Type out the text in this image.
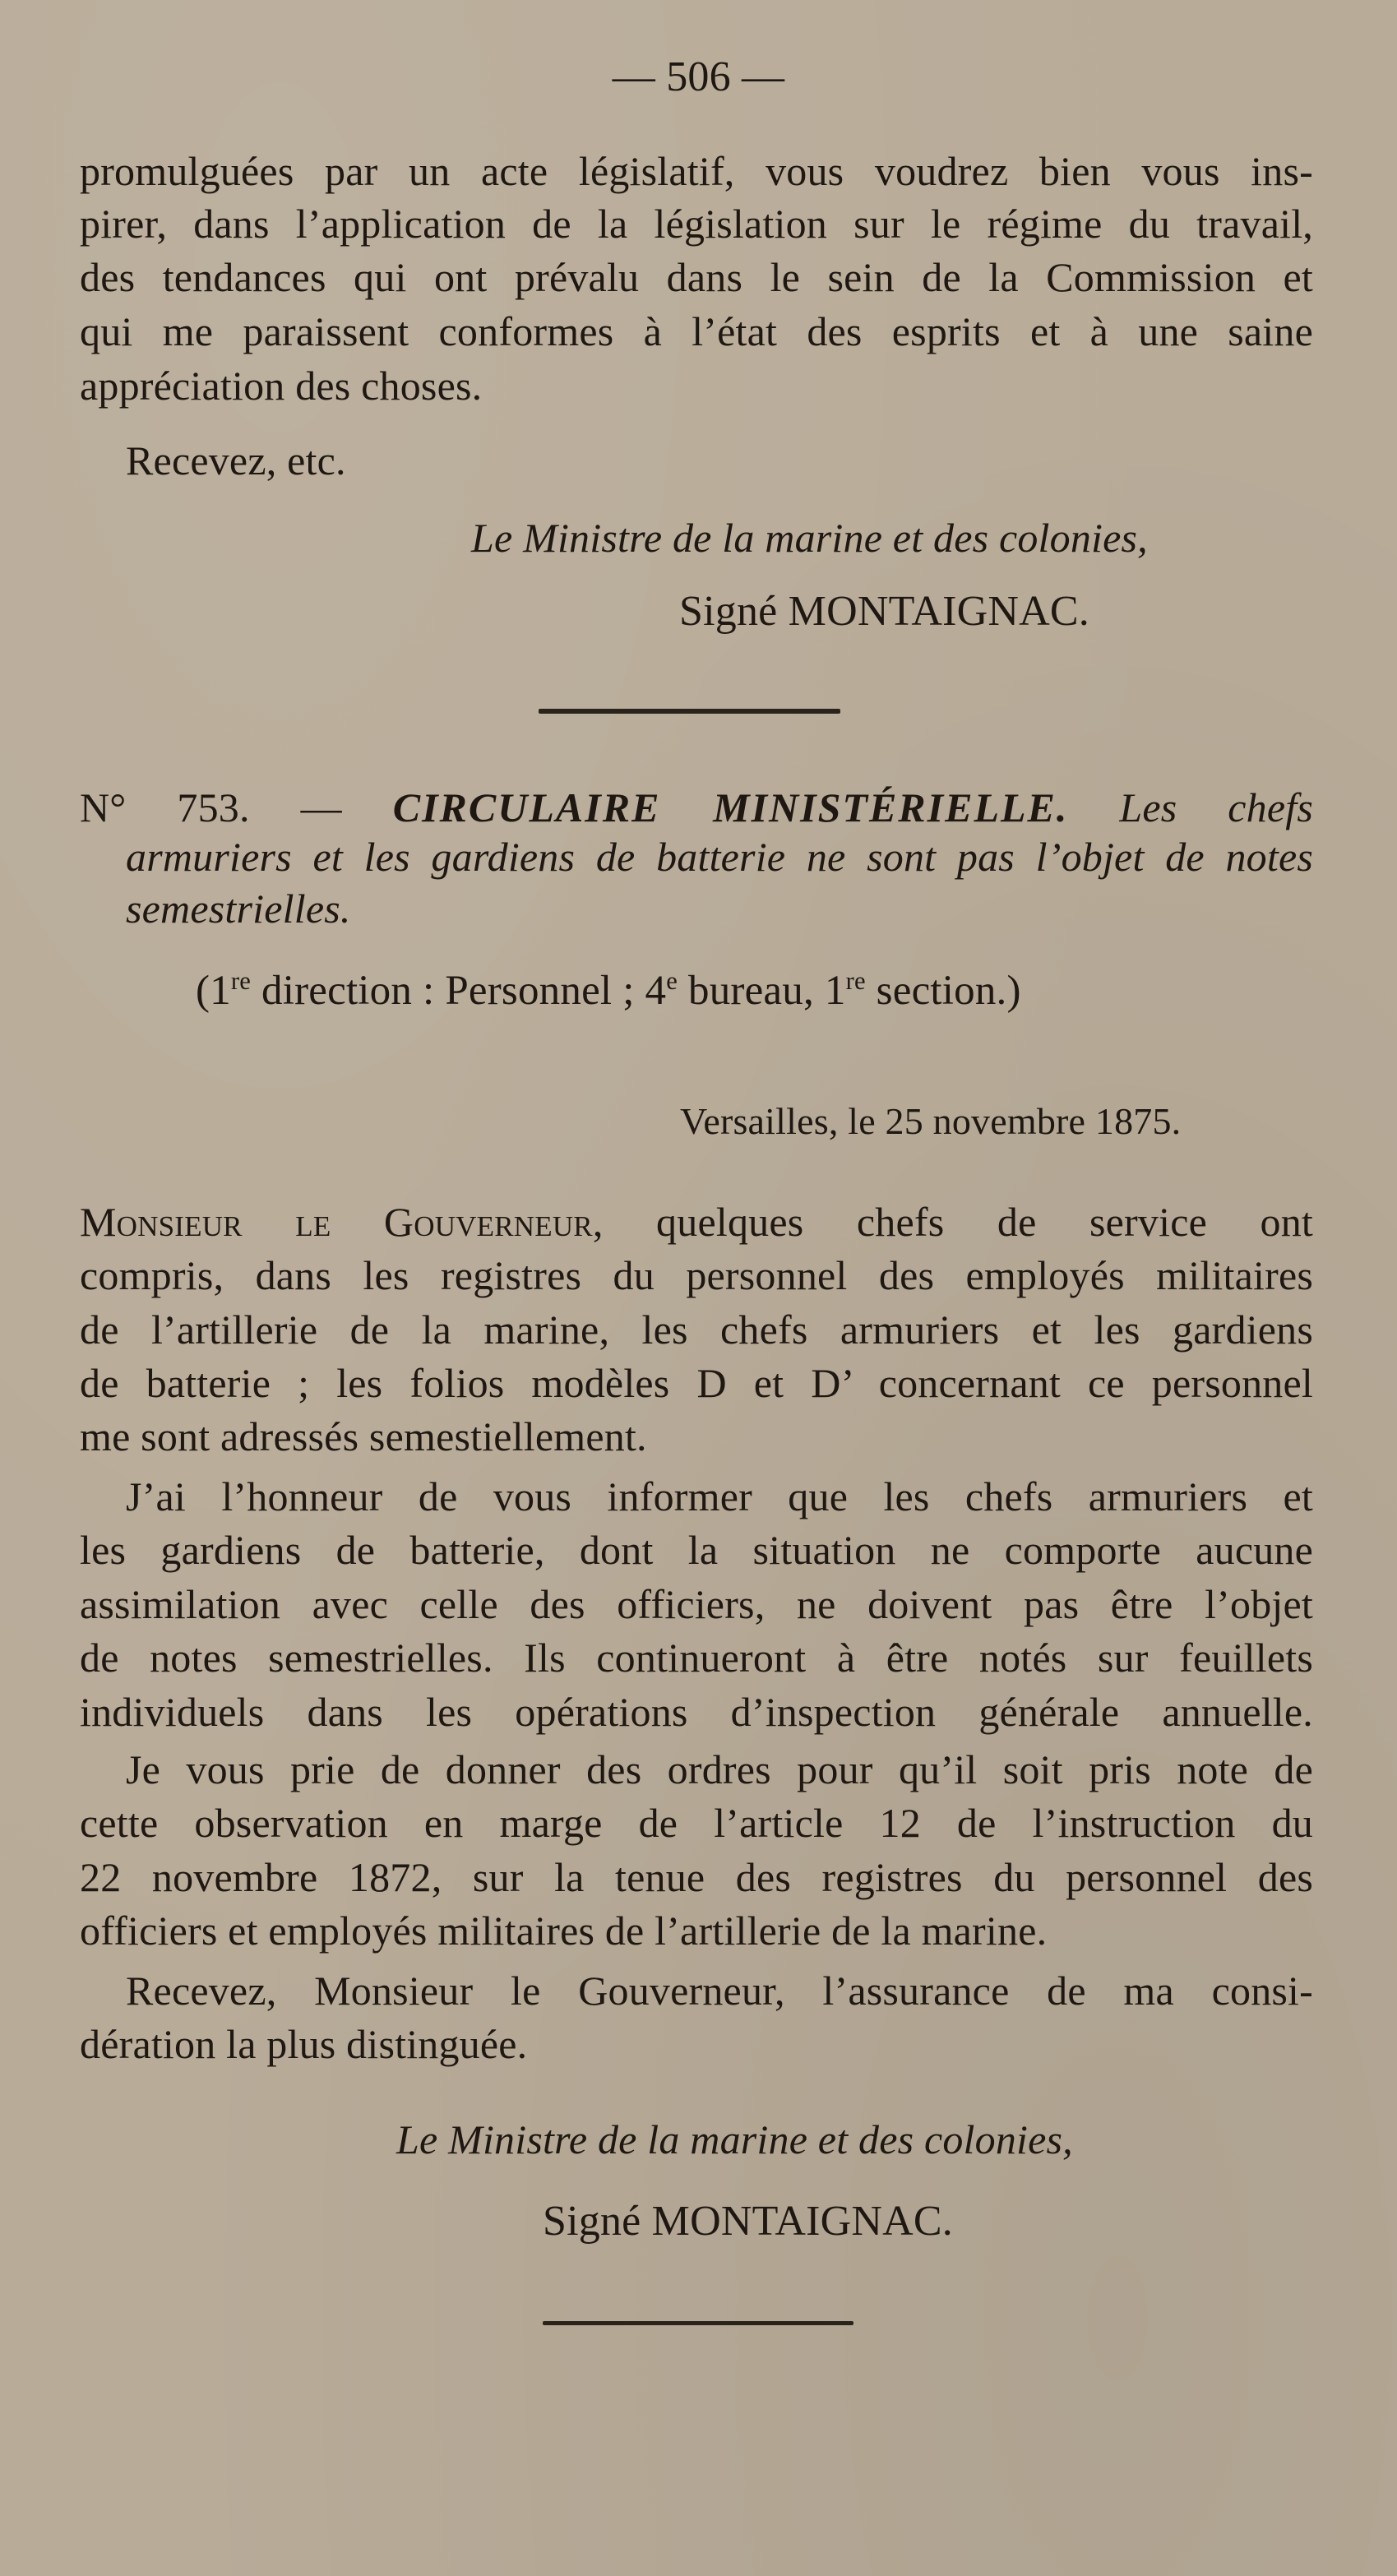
— 506 —
promulguées par un acte législatif, vous voudrez bien vous ins-
pirer, dans l’application de la législation sur le régime du travail,
des tendances qui ont prévalu dans le sein de la Commission et
qui me paraissent conformes à l’état des esprits et à une saine
appréciation des choses.
Recevez, etc.
Le Ministre de la marine et des colonies,
Signé MONTAIGNAC.
N° 753. — CIRCULAIRE MINISTÉRIELLE. Les chefs
armuriers et les gardiens de batterie ne sont pas l’objet de notes
semestrielles.
(1re direction : Personnel ; 4e bureau, 1re section.)
Versailles, le 25 novembre 1875.
Monsieur le Gouverneur, quelques chefs de service ont
compris, dans les registres du personnel des employés militaires
de l’artillerie de la marine, les chefs armuriers et les gardiens
de batterie ; les folios modèles D et D’ concernant ce personnel
me sont adressés semestiellement.
J’ai l’honneur de vous informer que les chefs armuriers et
les gardiens de batterie, dont la situation ne comporte aucune
assimilation avec celle des officiers, ne doivent pas être l’objet
de notes semestrielles. Ils continueront à être notés sur feuillets
individuels dans les opérations d’inspection générale annuelle.
Je vous prie de donner des ordres pour qu’il soit pris note de
cette observation en marge de l’article 12 de l’instruction du
22 novembre 1872, sur la tenue des registres du personnel des
officiers et employés militaires de l’artillerie de la marine.
Recevez, Monsieur le Gouverneur, l’assurance de ma consi-
dération la plus distinguée.
Le Ministre de la marine et des colonies,
Signé MONTAIGNAC.
